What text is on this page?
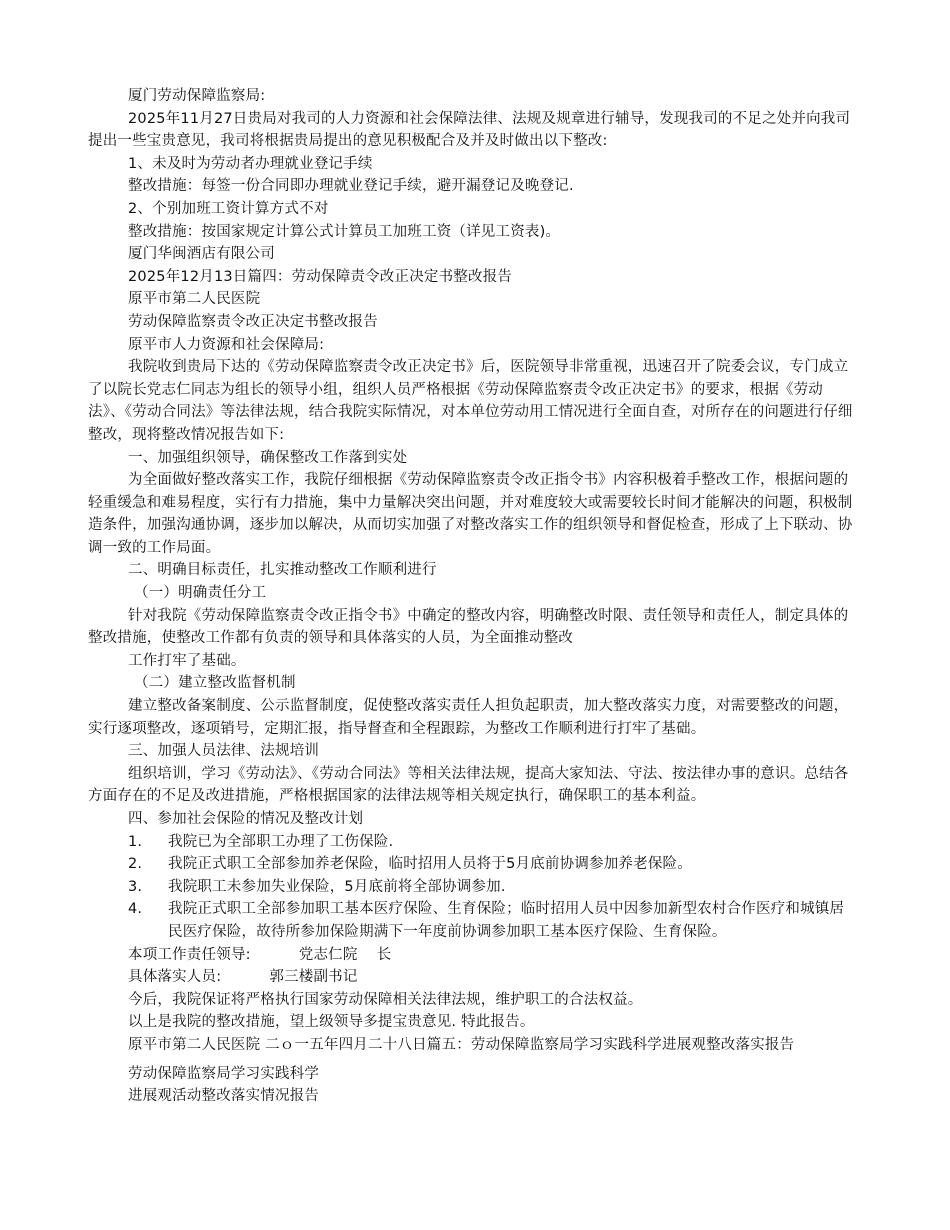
厦门劳动保障监察局:

2025年11月27日贵局对我司的人力资源和社会保障法律、法规及规章进行辅导，发现我司的不足之处并向我司提出一些宝贵意见，我司将根据贵局提出的意见积极配合及并及时做出以下整改:

1、未及时为劳动者办理就业登记手续

整改措施：每签一份合同即办理就业登记手续，避开漏登记及晚登记.

2、个别加班工资计算方式不对

整改措施：按国家规定计算公式计算员工加班工资（详见工资表)。

厦门华闽酒店有限公司

2025年12月13日篇四：劳动保障责令改正决定书整改报告

原平市第二人民医院

劳动保障监察责令改正决定书整改报告

原平市人力资源和社会保障局:

我院收到贵局下达的《劳动保障监察责令改正决定书》后，医院领导非常重视，迅速召开了院委会议，专门成立了以院长党志仁同志为组长的领导小组，组织人员严格根据《劳动保障监察责令改正决定书》的要求，根据《劳动法》、《劳动合同法》等法律法规，结合我院实际情况，对本单位劳动用工情况进行全面自查，对所存在的问题进行仔细整改，现将整改情况报告如下:

一、加强组织领导，确保整改工作落到实处

为全面做好整改落实工作，我院仔细根据《劳动保障监察责令改正指令书》内容积极着手整改工作，根据问题的轻重缓急和难易程度，实行有力措施，集中力量解决突出问题，并对难度较大或需要较长时间才能解决的问题，积极制造条件，加强沟通协调，逐步加以解决，从而切实加强了对整改落实工作的组织领导和督促检查，形成了上下联动、协调一致的工作局面。

二、明确目标责任，扎实推动整改工作顺利进行

（一）明确责任分工

针对我院《劳动保障监察责令改正指令书》中确定的整改内容，明确整改时限、责任领导和责任人，制定具体的整改措施，使整改工作都有负责的领导和具体落实的人员，为全面推动整改

工作打牢了基础。

（二）建立整改监督机制

建立整改备案制度、公示监督制度，促使整改落实责任人担负起职责，加大整改落实力度，对需要整改的问题，实行逐项整改，逐项销号，定期汇报，指导督查和全程跟踪，为整改工作顺利进行打牢了基础。

三、加强人员法律、法规培训

组织培训，学习《劳动法》、《劳动合同法》等相关法律法规，提高大家知法、守法、按法律办事的意识。总结各方面存在的不足及改进措施，严格根据国家的法律法规等相关规定执行，确保职工的基本利益。

四、参加社会保险的情况及整改计划

1.	我院已为全部职工办理了工伤保险.
2.	我院正式职工全部参加养老保险，临时招用人员将于5月底前协调参加养老保险。
3.	我院职工未参加失业保险，5月底前将全部协调参加.
4.	我院正式职工全部参加职工基本医疗保险、生育保险；临时招用人员中因参加新型农村合作医疗和城镇居民医疗保险，故待所参加保险期满下一年度前协调参加职工基本医疗保险、生育保险。

本项工作责任领导:          党志仁院    长

具体落实人员:          郭三楼副书记

今后，我院保证将严格执行国家劳动保障相关法律法规，维护职工的合法权益。

以上是我院的整改措施，望上级领导多提宝贵意见. 特此报告。

原平市第二人民医院 二ｏ一五年四月二十八日篇五：劳动保障监察局学习实践科学进展观整改落实报告

劳动保障监察局学习实践科学

进展观活动整改落实情况报告
